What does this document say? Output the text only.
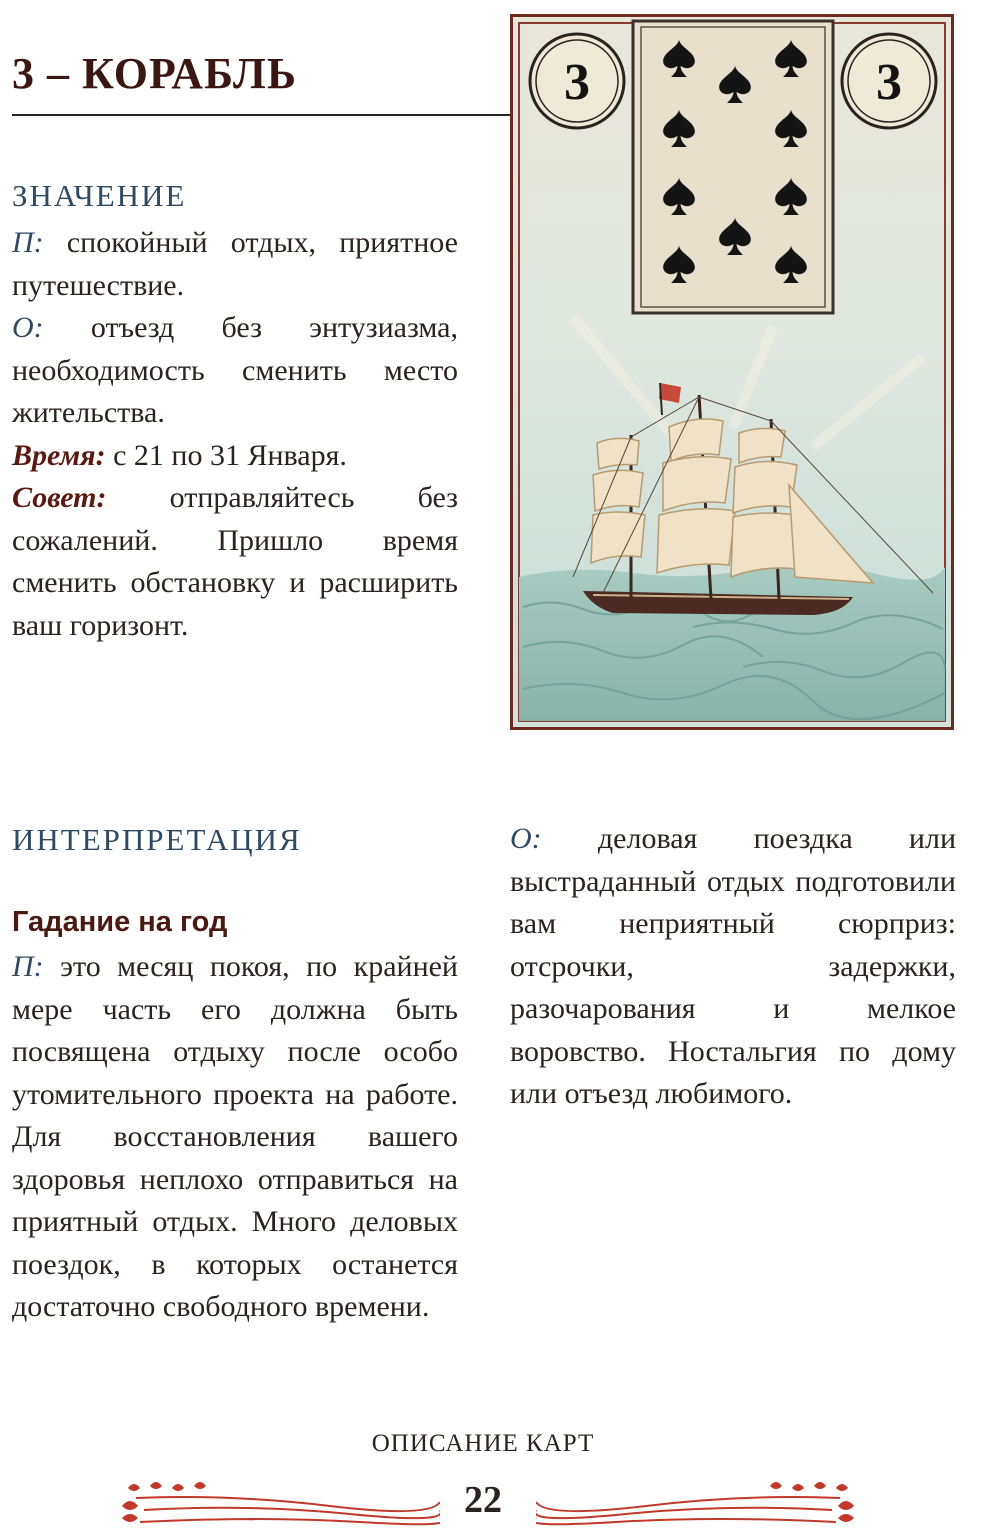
3 – КОРАБЛЬ
ЗНАЧЕНИЕ

П: спокойный отдых, приятное путешествие.

О: отъезд без энтузиазма, необходимость сменить место жительства.

Время: с 21 по 31 Января.

Совет: отправляйтесь без сожалений. Пришло время сменить обстановку и расширить ваш горизонт.

3	3
ИНТЕРПРЕТАЦИЯ
Гадание на год

П: это месяц покоя, по крайней мере часть его должна быть посвящена отдыху после особо утомительного проекта на работе. Для восстановления вашего здоровья неплохо отправиться на приятный отдых. Много деловых поездок, в которых останется достаточно свободного времени.

О: деловая поездка или выстраданный отдых подготовили вам неприятный сюрприз: отсрочки, задержки, разочарования и мелкое воровство. Ностальгия по дому или отъезд любимого.

ОПИСАНИЕ КАРТ

22
